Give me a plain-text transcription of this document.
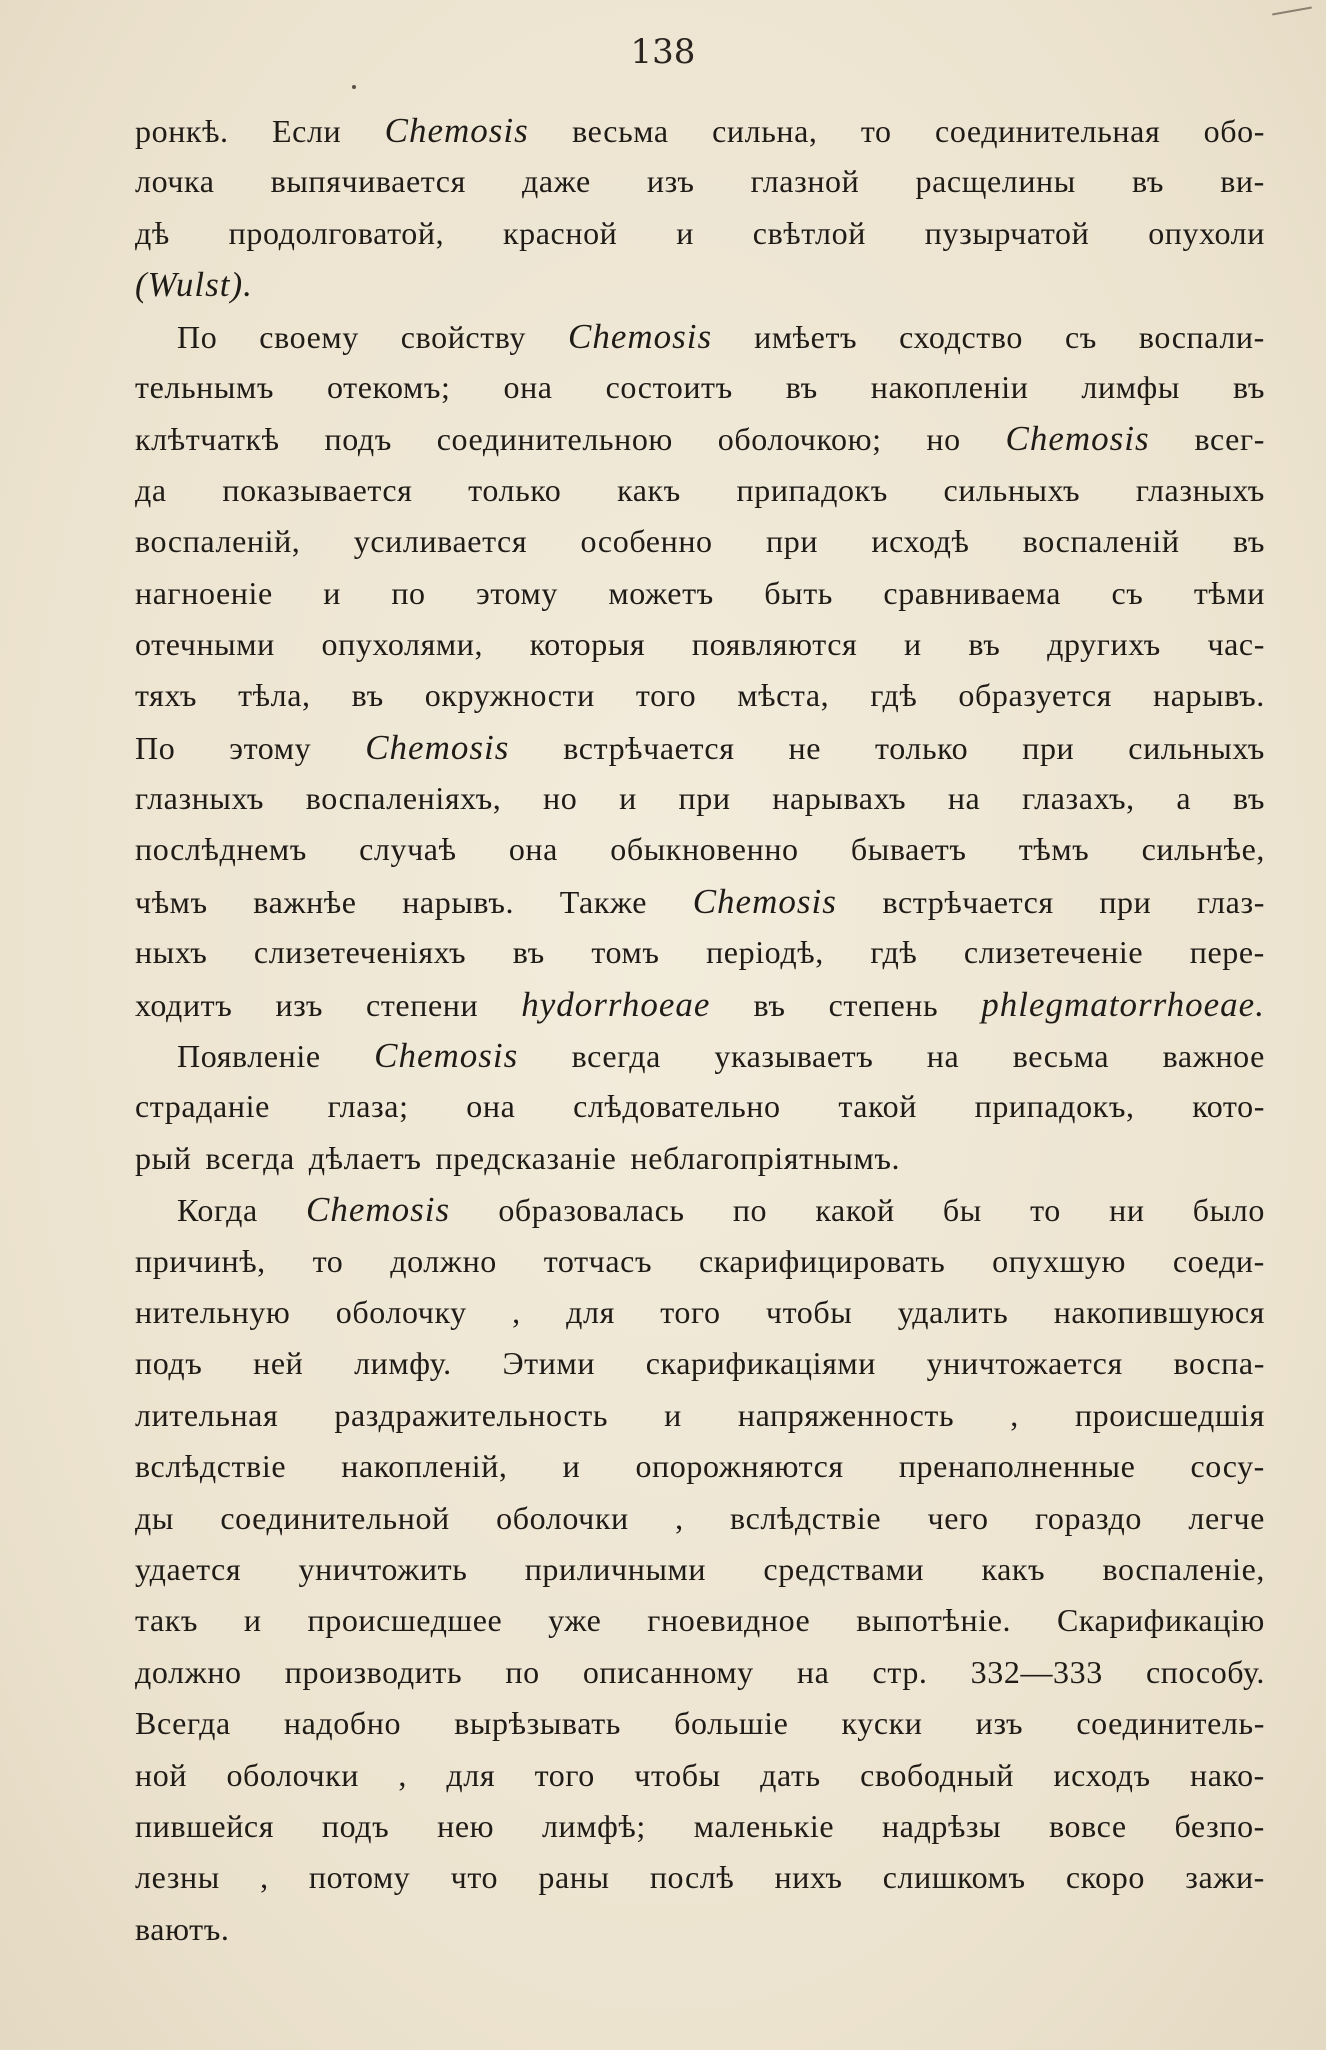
138
ронкѣ. Если Chemosis весьма сильна, то соединительная обо-
лочка выпячивается даже изъ глазной расщелины въ ви-
дѣ продолговатой, красной и свѣтлой пузырчатой опухоли
(Wulst).
По своему свойству Chemosis имѣетъ сходство съ воспали-
тельнымъ отекомъ; она состоитъ въ накопленіи лимфы въ
клѣтчаткѣ подъ соединительною оболочкою; но Chemosis всег-
да показывается только какъ припадокъ сильныхъ глазныхъ
воспаленій, усиливается особенно при исходѣ воспаленій въ
нагноеніе и по этому можетъ быть сравниваема съ тѣми
отечными опухолями, которыя появляются и въ другихъ час-
тяхъ тѣла, въ окружности того мѣста, гдѣ образуется нарывъ.
По этому Chemosis встрѣчается не только при сильныхъ
глазныхъ воспаленіяхъ, но и при нарывахъ на глазахъ, а въ
послѣднемъ случаѣ она обыкновенно бываетъ тѣмъ сильнѣе,
чѣмъ важнѣе нарывъ. Также Chemosis встрѣчается при глаз-
ныхъ слизетеченіяхъ въ томъ періодѣ, гдѣ слизетеченіе пере-
ходитъ изъ степени hydorrhoeae въ степень phlegmatorrhoeae.
Появленіе Chemosis всегда указываетъ на весьма важное
страданіе глаза; она слѣдовательно такой припадокъ, кото-
рый всегда дѣлаетъ предсказаніе неблагопріятнымъ.
Когда Chemosis образовалась по какой бы то ни было
причинѣ, то должно тотчасъ скарифицировать опухшую соеди-
нительную оболочку , для того чтобы удалить накопившуюся
подъ ней лимфу. Этими скарификаціями уничтожается воспа-
лительная раздражительность и напряженность , происшедшія
вслѣдствіе накопленій, и опорожняются пренаполненные сосу-
ды соединительной оболочки , вслѣдствіе чего гораздо легче
удается уничтожить приличными средствами какъ воспаленіе,
такъ и происшедшее уже гноевидное выпотѣніе. Скарификацію
должно производить по описанному на стр. 332—333 способу.
Всегда надобно вырѣзывать большіе куски изъ соединитель-
ной оболочки , для того чтобы дать свободный исходъ нако-
пившейся подъ нею лимфѣ; маленькіе надрѣзы вовсе безпо-
лезны , потому что раны послѣ нихъ слишкомъ скоро зажи-
ваютъ.
